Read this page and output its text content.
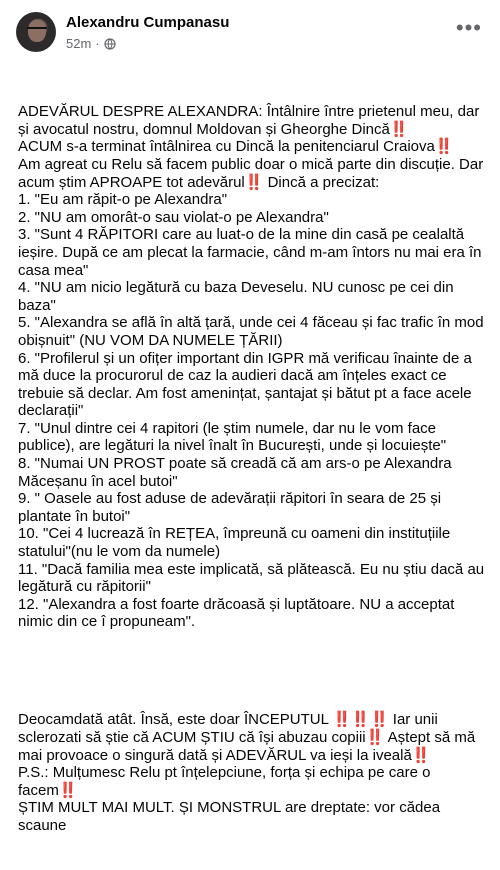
Alexandru Cumpanasu
52m ·
•••

ADEVĂRUL DESPRE ALEXANDRA: Întâlnire între prietenul meu, dar și avocatul nostru, domnul Moldovan și Gheorghe Dincă‼️
ACUM s-a terminat întâlnirea cu Dincă la penitenciarul Craiova‼️
Am agreat cu Relu să facem public doar o mică parte din discuție. Dar acum știm APROAPE tot adevărul‼️ Dincă a precizat:
1. "Eu am răpit-o pe Alexandra"
2. "NU am omorât-o sau violat-o pe Alexandra"
3. "Sunt 4 RĂPITORI care au luat-o de la mine din casă pe cealaltă ieșire. După ce am plecat la farmacie, când m-am întors nu mai era în casa mea"
4. "NU am nicio legătură cu baza Deveselu. NU cunosc pe cei din baza"
5. "Alexandra se află în altă țară, unde cei 4 făceau și fac trafic în mod obișnuit" (NU VOM DA NUMELE ȚĂRII)
6. "Profilerul și un ofițer important din IGPR mă verificau înainte de a mă duce la procurorul de caz la audieri dacă am înțeles exact ce trebuie să declar. Am fost amenințat, șantajat și bătut pt a face acele declarații"
7. "Unul dintre cei 4 rapitori (le știm numele, dar nu le vom face publice), are legături la nivel înalt în București, unde și locuiește"
8. "Numai UN PROST poate să creadă că am ars-o pe Alexandra Măceșanu în acel butoi"
9. " Oasele au fost aduse de adevărații răpitori în seara de 25 și plantate în butoi"
10. "Cei 4 lucrează în REȚEA, împreună cu oameni din instituțiile statului"(nu le vom da numele)
11. "Dacă familia mea este implicată, să plătească. Eu nu știu dacă au legătură cu răpitorii"
12. "Alexandra a fost foarte drăcoasă și luptătoare. NU a acceptat nimic din ce î propuneam".

Deocamdată atât. Însă, este doar ÎNCEPUTUL ‼️‼️‼️ Iar unii sclerozati să știe că ACUM ȘTIU că își abuzau copiii‼️ Aștept să mă mai provoace o singură dată și ADEVĂRUL va ieși la iveală‼️
P.S.: Mulțumesc Relu pt înțelepciune, forța și echipa pe care o facem‼️
ȘTIM MULT MAI MULT. ȘI MONSTRUL are dreptate: vor cădea scaune
